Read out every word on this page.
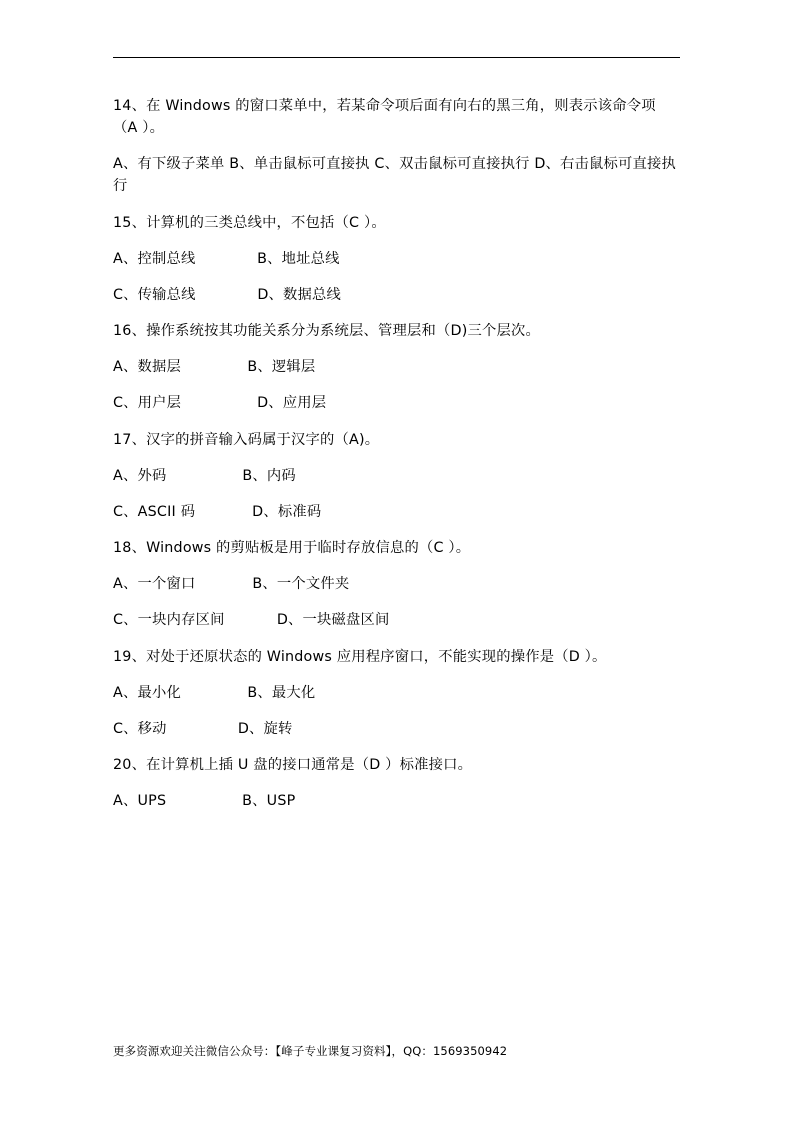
14、在 Windows 的窗口菜单中，若某命令项后面有向右的黑三角，则表示该命令项（A ）。

A、有下级子菜单 B、单击鼠标可直接执 C、双击鼠标可直接执行 D、右击鼠标可直接执行

15、计算机的三类总线中，不包括（C ）。

A、控制总线             B、地址总线

C、传输总线             D、数据总线

16、操作系统按其功能关系分为系统层、管理层和（D)三个层次。

A、数据层              B、逻辑层

C、用户层                D、应用层

17、汉字的拼音输入码属于汉字的（A)。

A、外码                B、内码

C、ASCII 码            D、标准码

18、Windows 的剪贴板是用于临时存放信息的（C ）。

A、一个窗口            B、一个文件夹

C、一块内存区间           D、一块磁盘区间

19、对处于还原状态的 Windows 应用程序窗口，不能实现的操作是（D ）。

A、最小化              B、最大化

C、移动               D、旋转

20、在计算机上插 U 盘的接口通常是（D ）标准接口。

A、UPS                B、USP

更多资源欢迎关注微信公众号：【峰子专业课复习资料】，QQ：1569350942
